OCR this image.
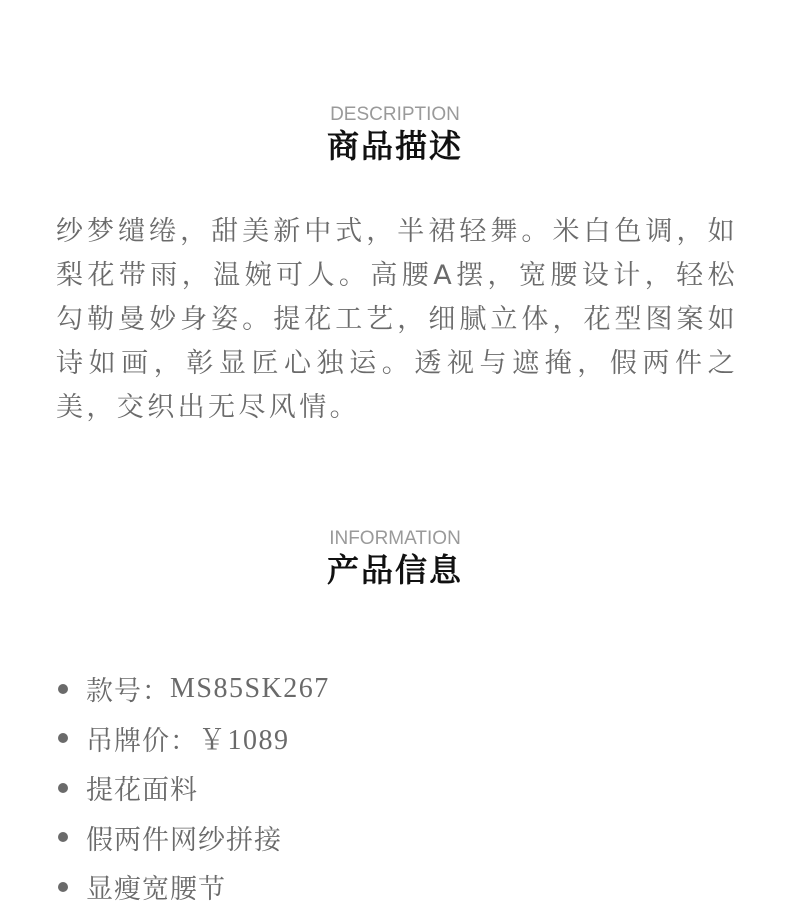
DESCRIPTION
商品描述
纱梦缱绻，甜美新中式，半裙轻舞。米白色调，如梨花带雨，温婉可人。高腰A摆，宽腰设计，轻松勾勒曼妙身姿。提花工艺，细腻立体，花型图案如诗如画，彰显匠心独运。透视与遮掩，假两件之美，交织出无尽风情。
INFORMATION
产品信息
款号： MS85SK267
吊牌价： ￥1089
提花面料
假两件网纱拼接
显瘦宽腰节
